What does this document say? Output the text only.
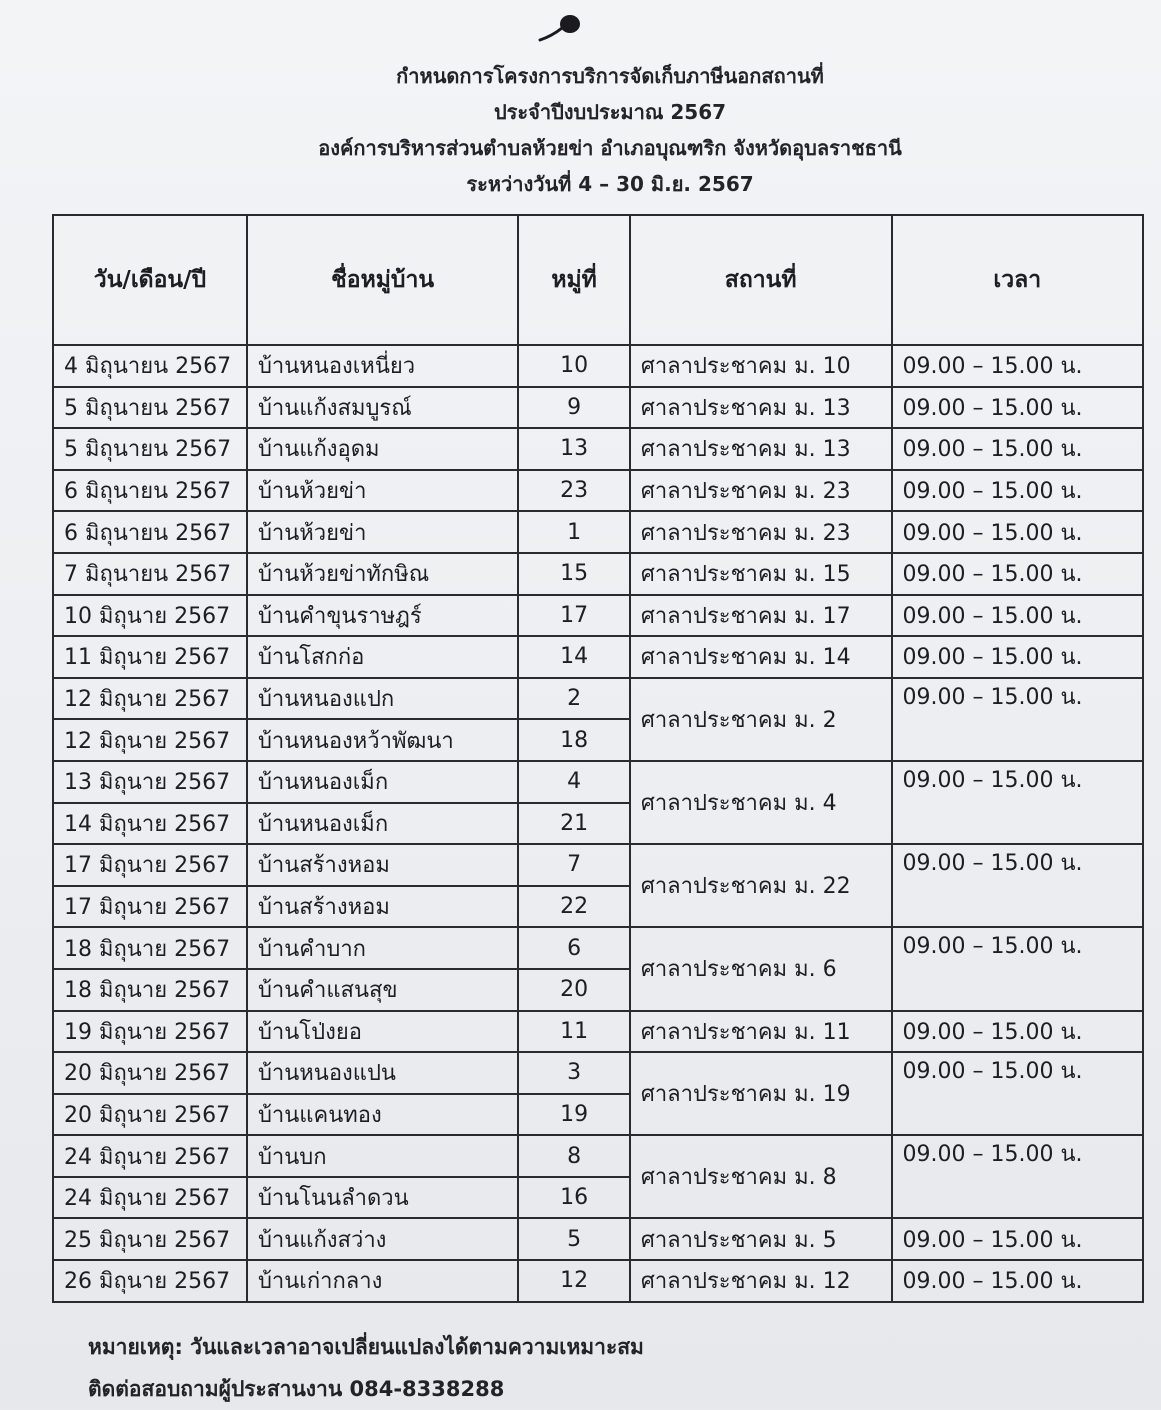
กำหนดการโครงการบริการจัดเก็บภาษีนอกสถานที่
ประจำปีงบประมาณ 2567
องค์การบริหารส่วนตำบลห้วยข่า อำเภอบุณฑริก จังหวัดอุบลราชธานี
ระหว่างวันที่ 4 – 30 มิ.ย. 2567
วัน/เดือน/ปี	ชื่อหมู่บ้าน	หมู่ที่	สถานที่	เวลา
4 มิถุนายน 2567	บ้านหนองเหนี่ยว	10	ศาลาประชาคม ม. 10	09.00 – 15.00 น.
5 มิถุนายน 2567	บ้านแก้งสมบูรณ์	9	ศาลาประชาคม ม. 13	09.00 – 15.00 น.
5 มิถุนายน 2567	บ้านแก้งอุดม	13	ศาลาประชาคม ม. 13	09.00 – 15.00 น.
6 มิถุนายน 2567	บ้านห้วยข่า	23	ศาลาประชาคม ม. 23	09.00 – 15.00 น.
6 มิถุนายน 2567	บ้านห้วยข่า	1	ศาลาประชาคม ม. 23	09.00 – 15.00 น.
7 มิถุนายน 2567	บ้านห้วยข่าทักษิณ	15	ศาลาประชาคม ม. 15	09.00 – 15.00 น.
10 มิถุนาย 2567	บ้านคำขุนราษฎร์	17	ศาลาประชาคม ม. 17	09.00 – 15.00 น.
11 มิถุนาย 2567	บ้านโสกก่อ	14	ศาลาประชาคม ม. 14	09.00 – 15.00 น.
12 มิถุนาย 2567	บ้านหนองแปก	2	ศาลาประชาคม ม. 2	09.00 – 15.00 น.
12 มิถุนาย 2567	บ้านหนองหว้าพัฒนา	18		
13 มิถุนาย 2567	บ้านหนองเม็ก	4	ศาลาประชาคม ม. 4	09.00 – 15.00 น.
14 มิถุนาย 2567	บ้านหนองเม็ก	21		
17 มิถุนาย 2567	บ้านสร้างหอม	7	ศาลาประชาคม ม. 22	09.00 – 15.00 น.
17 มิถุนาย 2567	บ้านสร้างหอม	22		
18 มิถุนาย 2567	บ้านคำบาก	6	ศาลาประชาคม ม. 6	09.00 – 15.00 น.
18 มิถุนาย 2567	บ้านคำแสนสุข	20		
19 มิถุนาย 2567	บ้านโป่งยอ	11	ศาลาประชาคม ม. 11	09.00 – 15.00 น.
20 มิถุนาย 2567	บ้านหนองแปน	3	ศาลาประชาคม ม. 19	09.00 – 15.00 น.
20 มิถุนาย 2567	บ้านแคนทอง	19		
24 มิถุนาย 2567	บ้านบก	8	ศาลาประชาคม ม. 8	09.00 – 15.00 น.
24 มิถุนาย 2567	บ้านโนนลำดวน	16		
25 มิถุนาย 2567	บ้านแก้งสว่าง	5	ศาลาประชาคม ม. 5	09.00 – 15.00 น.
26 มิถุนาย 2567	บ้านเก่ากลาง	12	ศาลาประชาคม ม. 12	09.00 – 15.00 น.
หมายเหตุ: วันและเวลาอาจเปลี่ยนแปลงได้ตามความเหมาะสม
ติดต่อสอบถามผู้ประสานงาน 084-8338288
